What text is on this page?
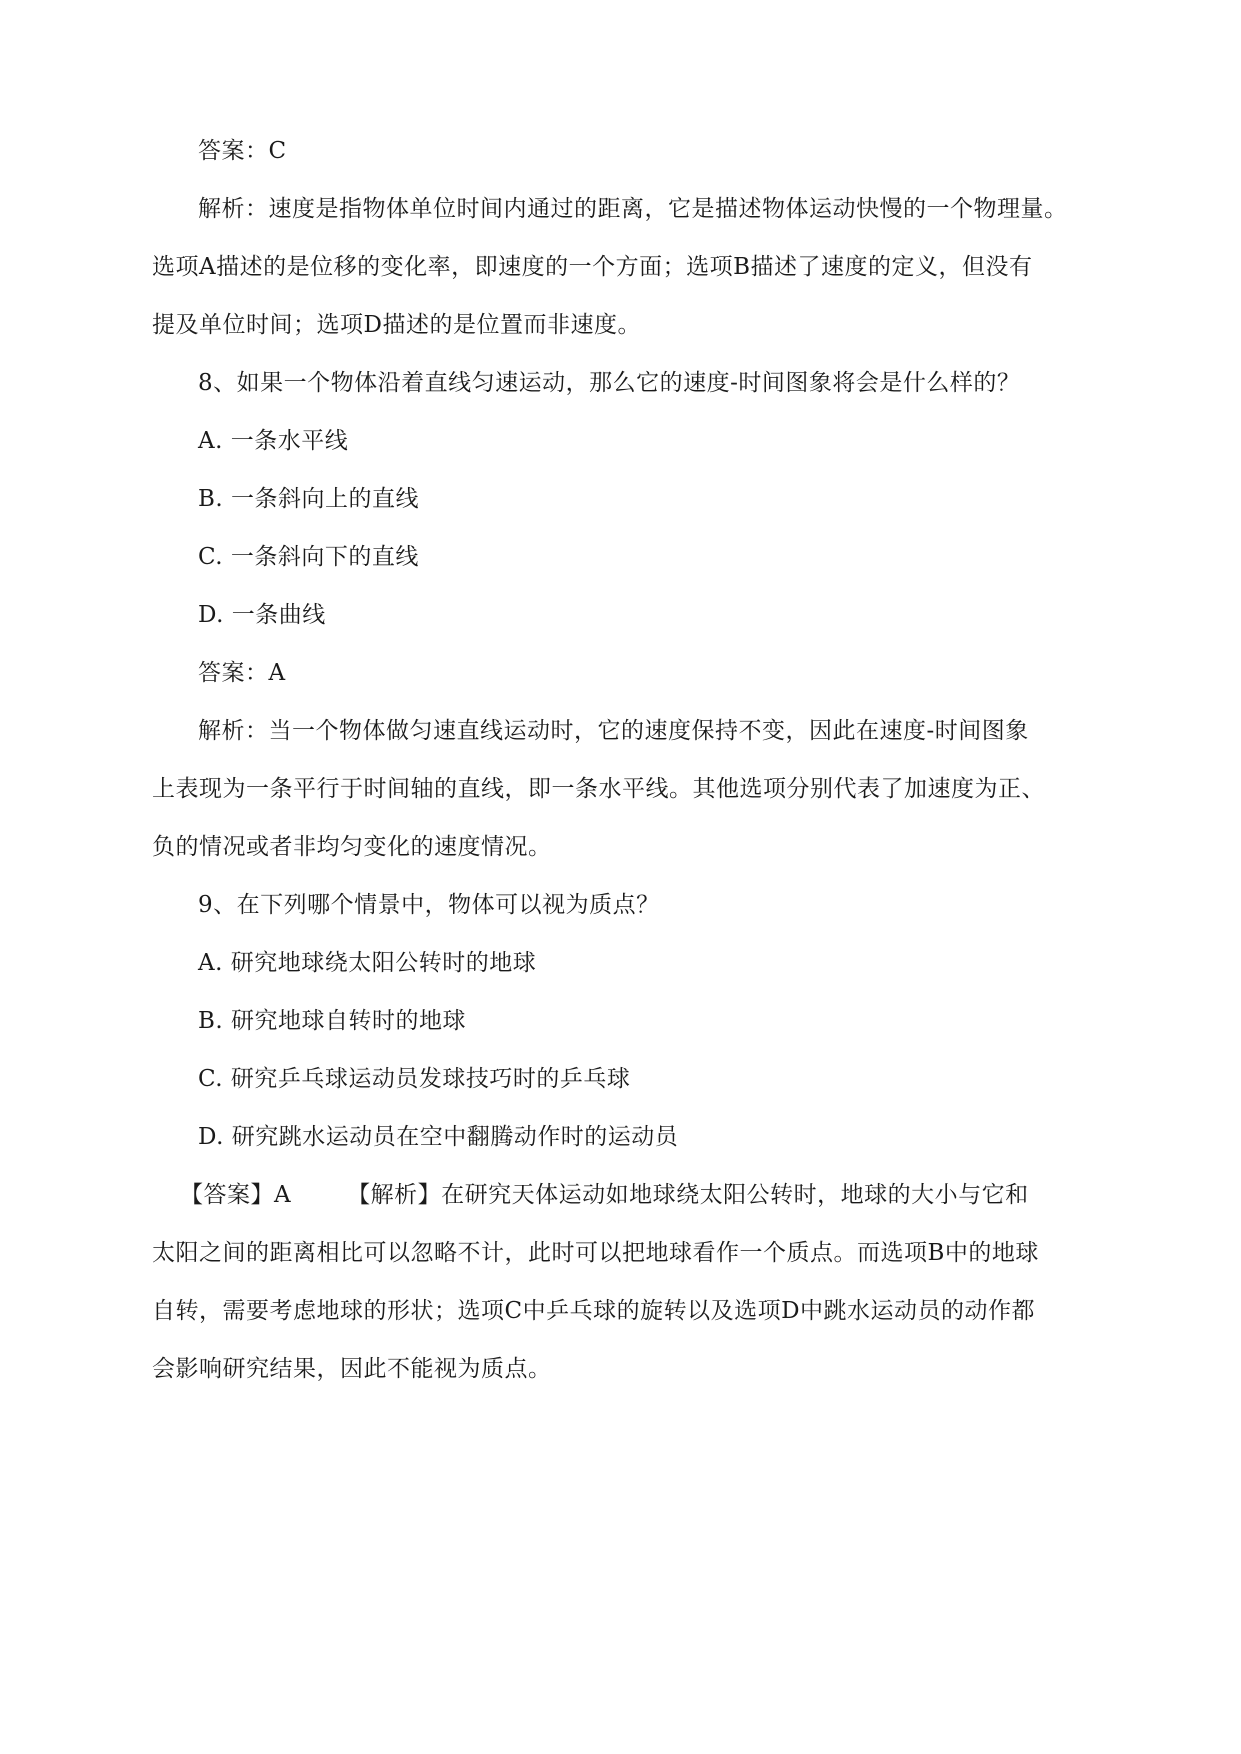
答案：C
解析：速度是指物体单位时间内通过的距离，它是描述物体运动快慢的一个物理量。
选项A描述的是位移的变化率，即速度的一个方面；选项B描述了速度的定义，但没有
提及单位时间；选项D描述的是位置而非速度。
8、如果一个物体沿着直线匀速运动，那么它的速度-时间图象将会是什么样的？
A. 一条水平线
B. 一条斜向上的直线
C. 一条斜向下的直线
D. 一条曲线
答案：A
解析：当一个物体做匀速直线运动时，它的速度保持不变，因此在速度-时间图象
上表现为一条平行于时间轴的直线，即一条水平线。其他选项分别代表了加速度为正、
负的情况或者非均匀变化的速度情况。
9、在下列哪个情景中，物体可以视为质点？
A. 研究地球绕太阳公转时的地球
B. 研究地球自转时的地球
C. 研究乒乓球运动员发球技巧时的乒乓球
D. 研究跳水运动员在空中翻腾动作时的运动员
【答案】A 【解析】在研究天体运动如地球绕太阳公转时，地球的大小与它和
太阳之间的距离相比可以忽略不计，此时可以把地球看作一个质点。而选项B中的地球
自转，需要考虑地球的形状；选项C中乒乓球的旋转以及选项D中跳水运动员的动作都
会影响研究结果，因此不能视为质点。
